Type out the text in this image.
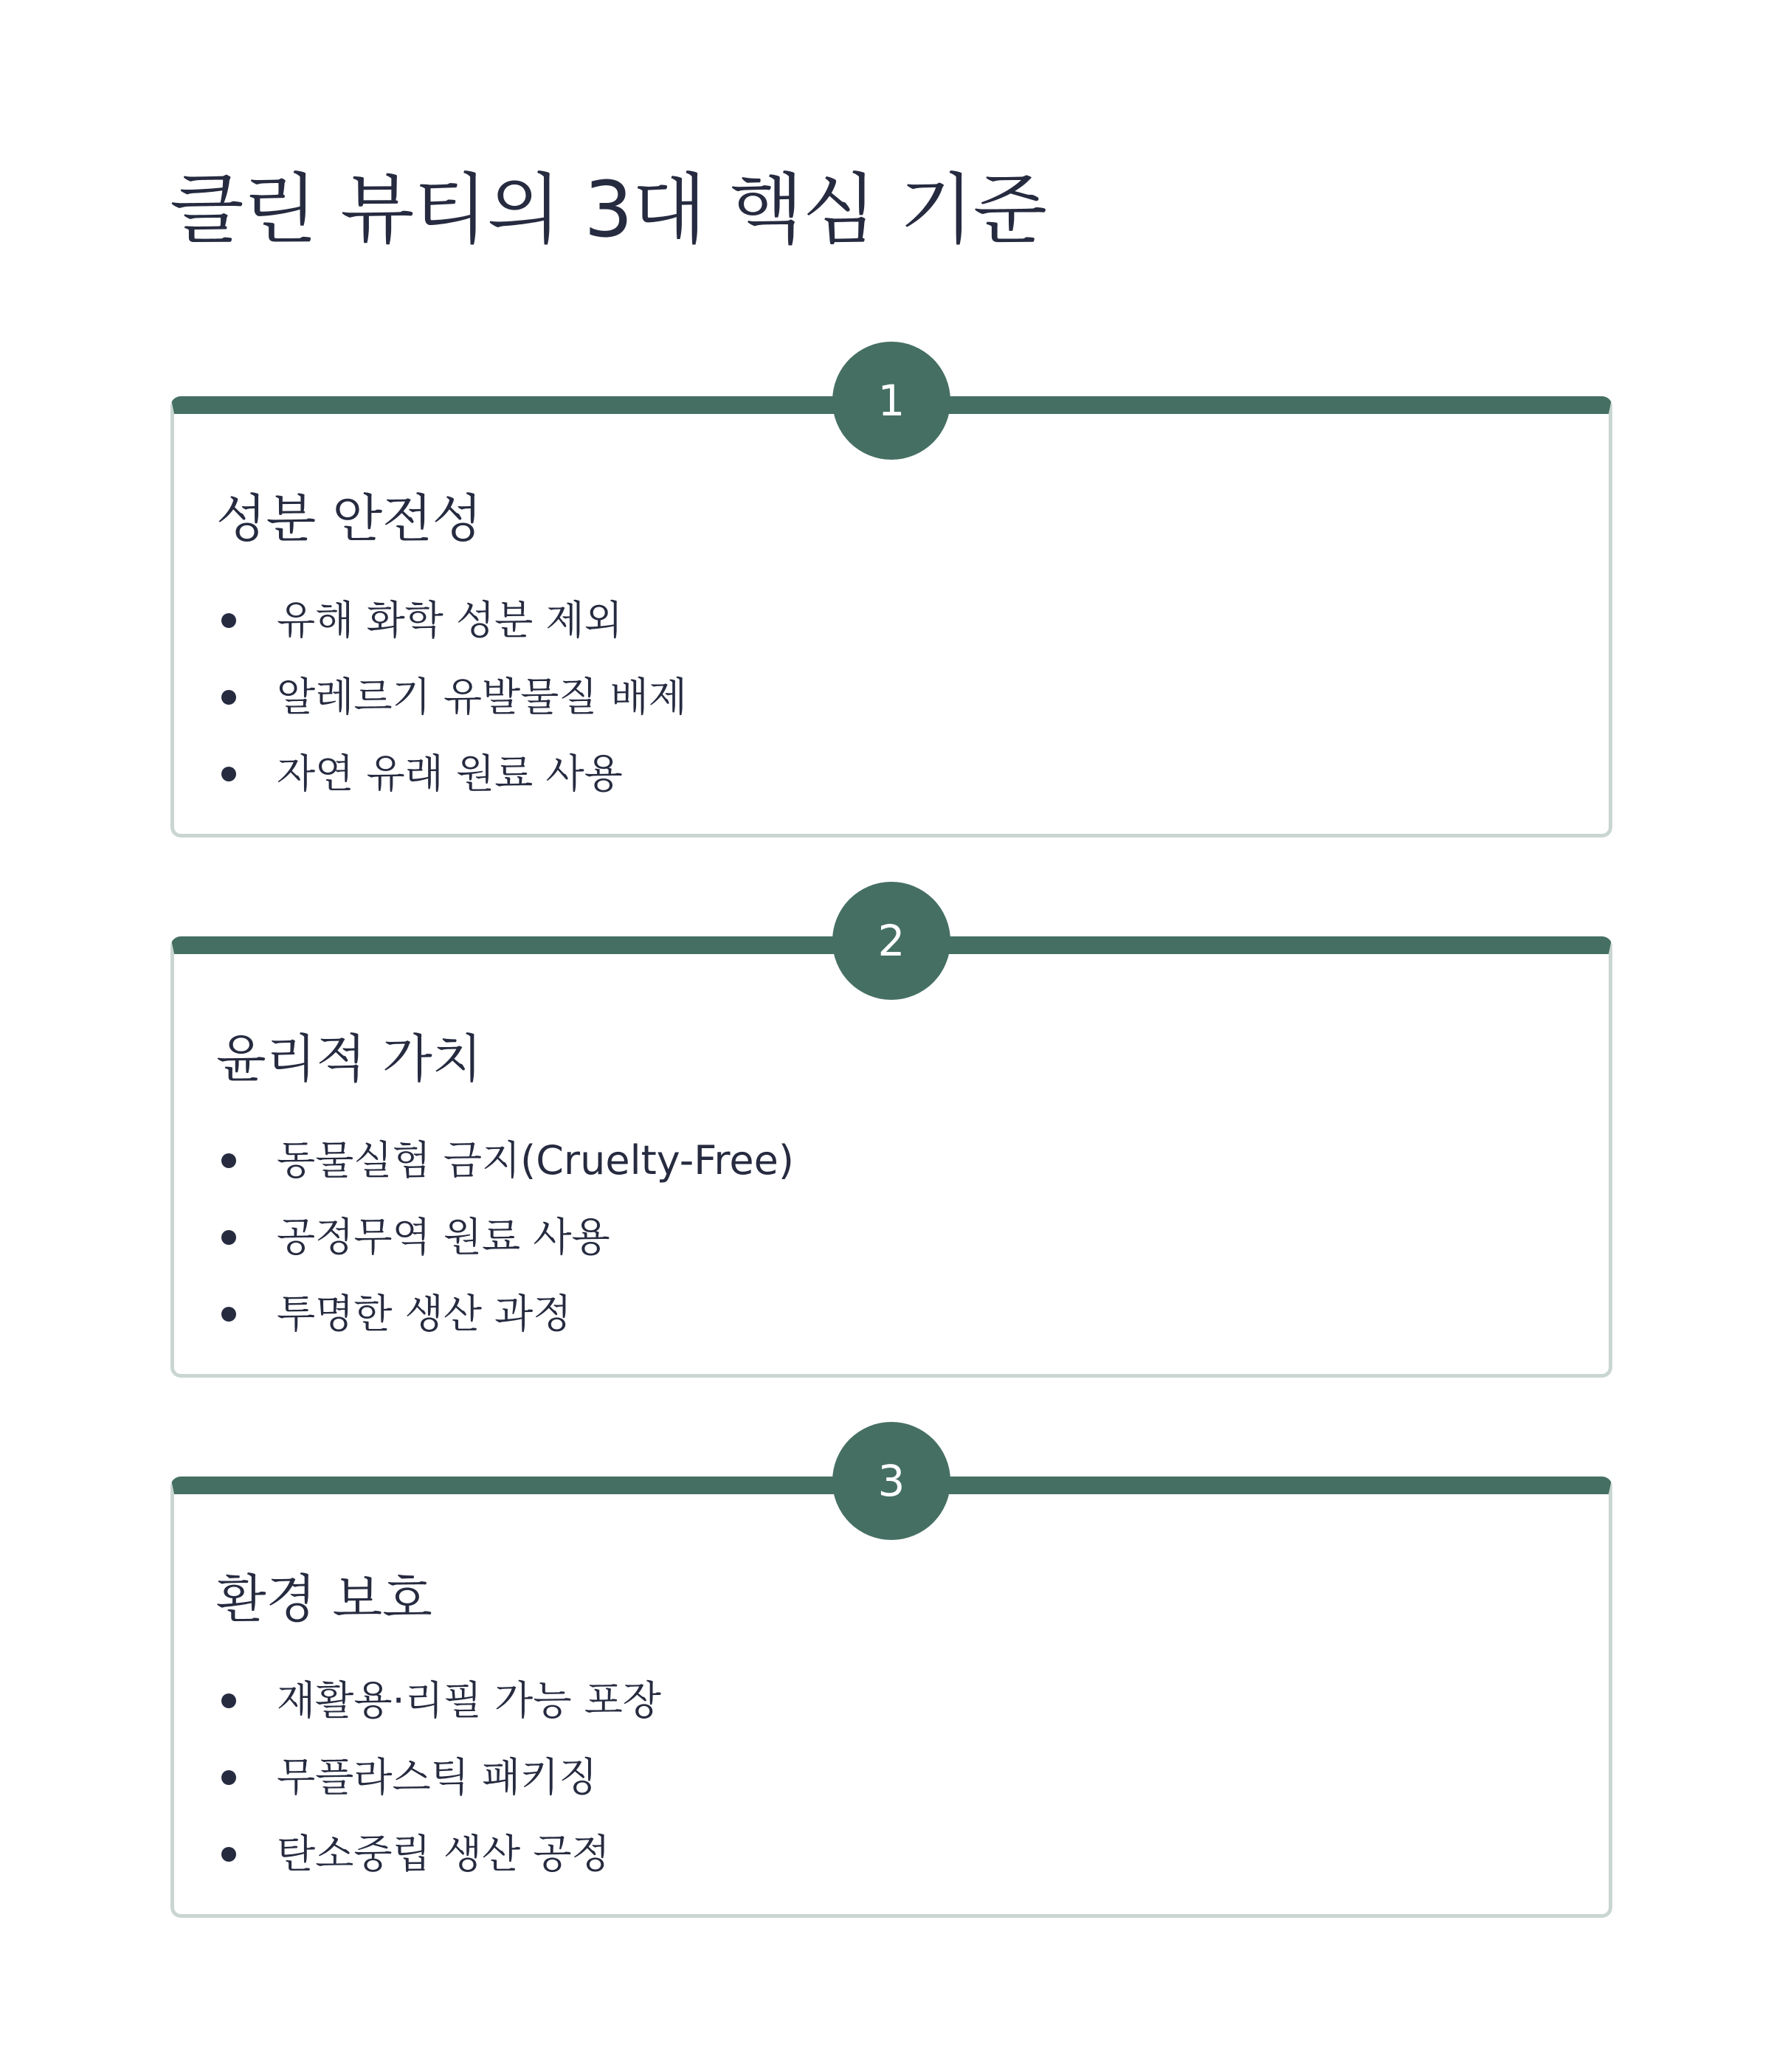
클린 뷰티의 3대 핵심 기준
1
성분 안전성
유해 화학 성분 제외
알레르기 유발물질 배제
자연 유래 원료 사용
2
윤리적 가치
동물실험 금지(Cruelty-Free)
공정무역 원료 사용
투명한 생산 과정
3
환경 보호
재활용·리필 가능 포장
무플라스틱 패키징
탄소중립 생산 공정
